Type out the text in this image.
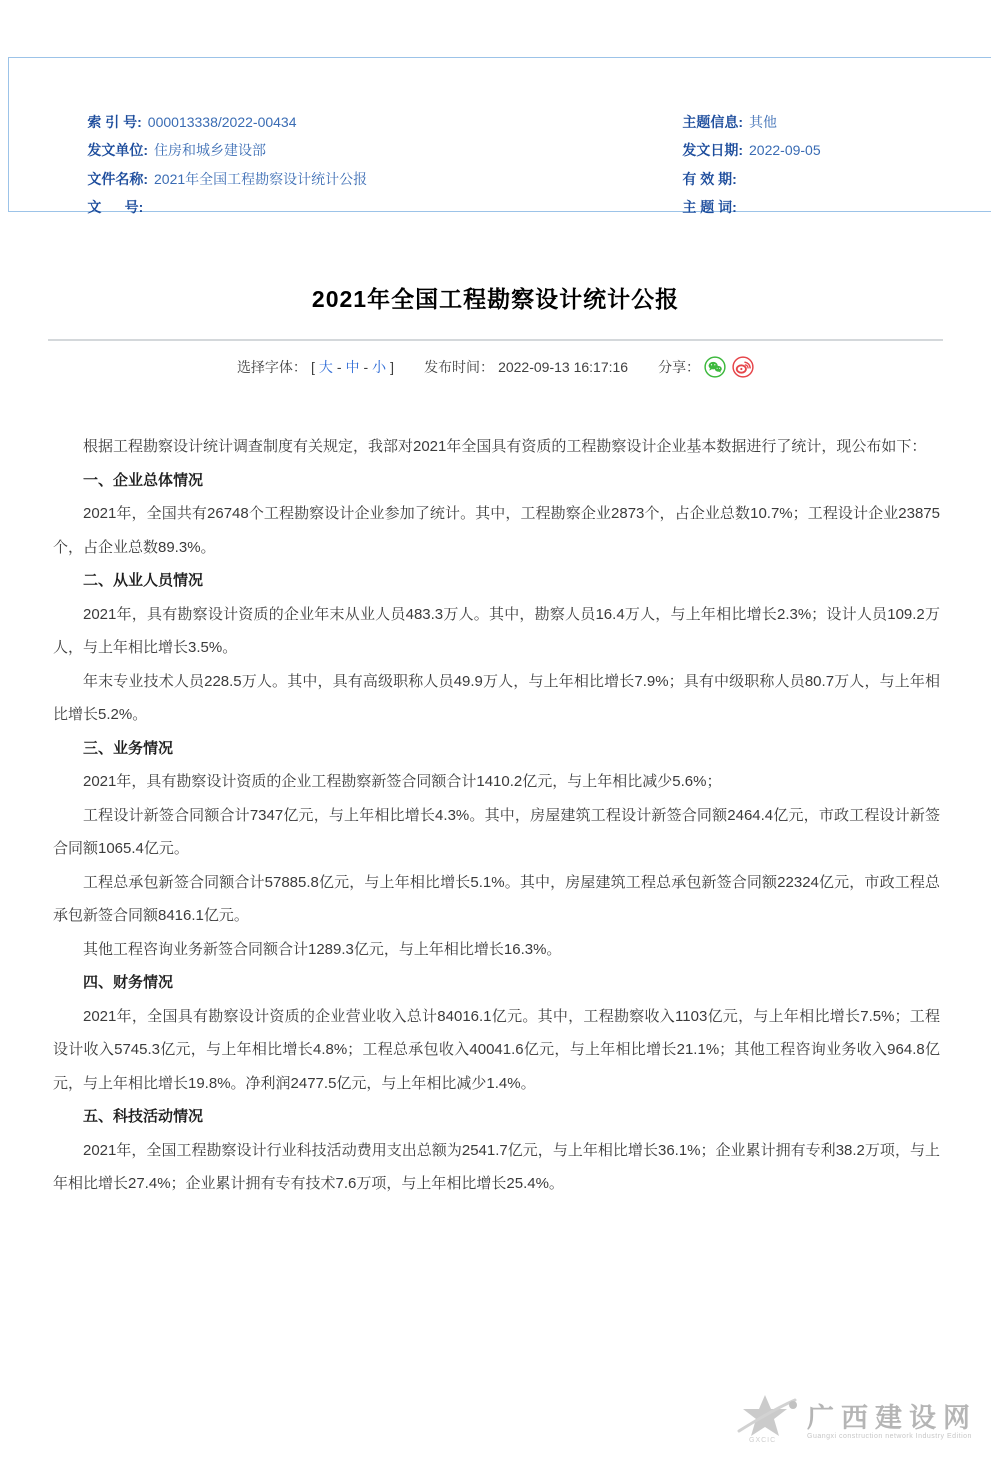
索 引 号: 000013338/2022-00434

发文单位: 住房和城乡建设部

文件名称: 2021年全国工程勘察设计统计公报

文      号:

主题信息: 其他

发文日期: 2022-09-05

有 效 期:

主 题 词:

2021年全国工程勘察设计统计公报
选择字体： [ 大 - 中 - 小 ] 发布时间： 2022-09-13 16:17:16 分享：

根据工程勘察设计统计调查制度有关规定，我部对2021年全国具有资质的工程勘察设计企业基本数据进行了统计，现公布如下：

一、企业总体情况

2021年，全国共有26748个工程勘察设计企业参加了统计。其中，工程勘察企业2873个，占企业总数10.7%；工程设计企业23875个，占企业总数89.3%。

二、从业人员情况

2021年，具有勘察设计资质的企业年末从业人员483.3万人。其中，勘察人员16.4万人，与上年相比增长2.3%；设计人员109.2万人，与上年相比增长3.5%。

年末专业技术人员228.5万人。其中，具有高级职称人员49.9万人，与上年相比增长7.9%；具有中级职称人员80.7万人，与上年相比增长5.2%。

三、业务情况

2021年，具有勘察设计资质的企业工程勘察新签合同额合计1410.2亿元，与上年相比减少5.6%；

工程设计新签合同额合计7347亿元，与上年相比增长4.3%。其中，房屋建筑工程设计新签合同额2464.4亿元，市政工程设计新签合同额1065.4亿元。

工程总承包新签合同额合计57885.8亿元，与上年相比增长5.1%。其中，房屋建筑工程总承包新签合同额22324亿元，市政工程总承包新签合同额8416.1亿元。

其他工程咨询业务新签合同额合计1289.3亿元，与上年相比增长16.3%。

四、财务情况

2021年，全国具有勘察设计资质的企业营业收入总计84016.1亿元。其中，工程勘察收入1103亿元，与上年相比增长7.5%；工程设计收入5745.3亿元，与上年相比增长4.8%；工程总承包收入40041.6亿元，与上年相比增长21.1%；其他工程咨询业务收入964.8亿元，与上年相比增长19.8%。净利润2477.5亿元，与上年相比减少1.4%。

五、科技活动情况

2021年，全国工程勘察设计行业科技活动费用支出总额为2541.7亿元，与上年相比增长36.1%；企业累计拥有专利38.2万项，与上年相比增长27.4%；企业累计拥有专有技术7.6万项，与上年相比增长25.4%。

GXCIC
广西建设网
Guangxi construction network Industry Edition
